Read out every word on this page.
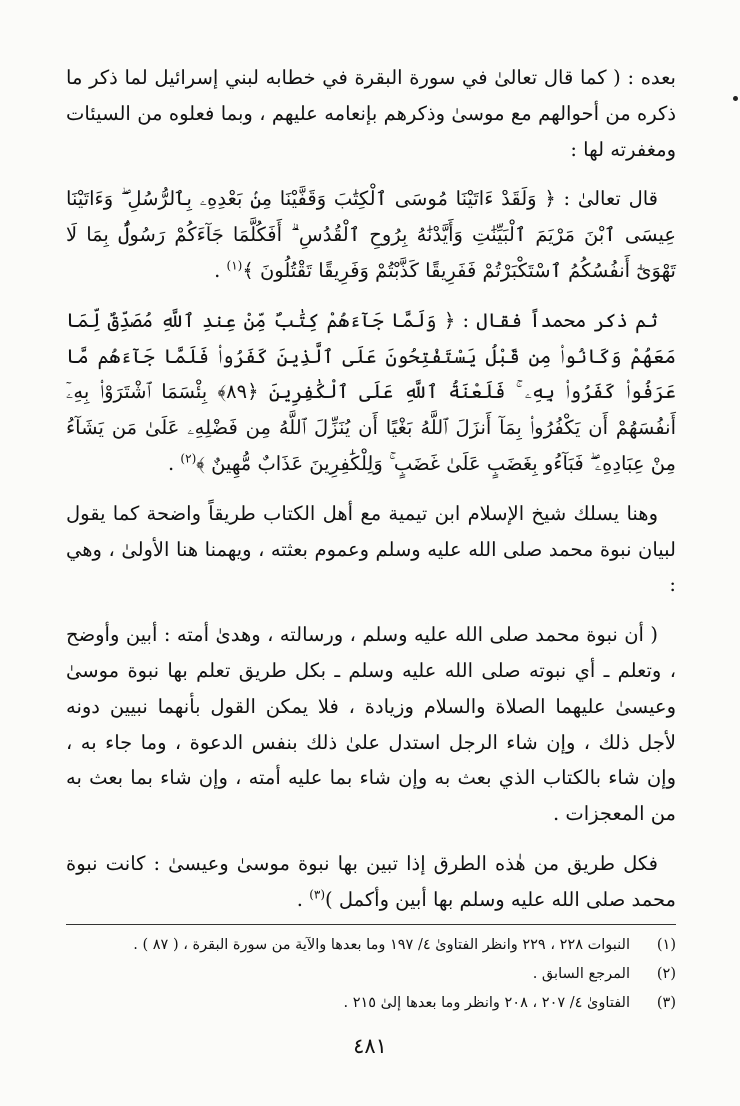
بعده : ( كما قال تعالىٰ في سورة البقرة في خطابه لبني إسرائيل لما ذكر ما ذكره من أحوالهم مع موسىٰ وذكرهم بإنعامه عليهم ، وبما فعلوه من السيئات ومغفرته لها :

قال تعالىٰ : ﴿ وَلَقَدْ ءَاتَيْنَا مُوسَى ٱلْكِتَٰبَ وَقَفَّيْنَا مِنۢ بَعْدِهِۦ بِٱلرُّسُلِ ۖ وَءَاتَيْنَا عِيسَى ٱبْنَ مَرْيَمَ ٱلْبَيِّنَٰتِ وَأَيَّدْنَٰهُ بِرُوحِ ٱلْقُدُسِ ۗ أَفَكُلَّمَا جَآءَكُمْ رَسُولٌۢ بِمَا لَا تَهْوَىٰٓ أَنفُسُكُمُ ٱسْتَكْبَرْتُمْ فَفَرِيقًا كَذَّبْتُمْ وَفَرِيقًا تَقْتُلُونَ ﴾$^{(١)}$ .

ثم ذكر محمداً فقال : ﴿ وَلَمَّا جَآءَهُمْ كِتَٰبٌ مِّنْ عِندِ ٱللَّهِ مُصَدِّقٌ لِّمَا مَعَهُمْ وَكَانُوا۟ مِن قَبْلُ يَسْتَفْتِحُونَ عَلَى ٱلَّذِينَ كَفَرُوا۟ فَلَمَّا جَآءَهُم مَّا عَرَفُوا۟ كَفَرُوا۟ بِهِۦ ۚ فَلَعْنَةُ ٱللَّهِ عَلَى ٱلْكَٰفِرِينَ ﴿٨٩﴾ بِئْسَمَا ٱشْتَرَوْا۟ بِهِۦٓ أَنفُسَهُمْ أَن يَكْفُرُوا۟ بِمَآ أَنزَلَ ٱللَّهُ بَغْيًا أَن يُنَزِّلَ ٱللَّهُ مِن فَضْلِهِۦ عَلَىٰ مَن يَشَآءُ مِنْ عِبَادِهِۦ ۖ فَبَآءُو بِغَضَبٍ عَلَىٰ غَضَبٍ ۚ وَلِلْكَٰفِرِينَ عَذَابٌ مُّهِينٌ ﴾$^{(٢)}$ .

وهنا يسلك شيخ الإسلام ابن تيمية مع أهل الكتاب طريقاً واضحة كما يقول لبيان نبوة محمد صلى الله عليه وسلم وعموم بعثته ، ويهمنا هنا الأولىٰ ، وهي :

( أن نبوة محمد صلى الله عليه وسلم ، ورسالته ، وهدىٰ أمته : أبين وأوضح ، وتعلم ـ أي نبوته صلى الله عليه وسلم ـ بكل طريق تعلم بها نبوة موسىٰ وعيسىٰ عليهما الصلاة والسلام وزيادة ، فلا يمكن القول بأنهما نبيين دونه لأجل ذلك ، وإن شاء الرجل استدل علىٰ ذلك بنفس الدعوة ، وما جاء به ، وإن شاء بالكتاب الذي بعث به وإن شاء بما عليه أمته ، وإن شاء بما بعث به من المعجزات .

فكل طريق من هٰذه الطرق إذا تبين بها نبوة موسىٰ وعيسىٰ : كانت نبوة محمد صلى الله عليه وسلم بها أبين وأكمل )$^{(٣)}$ .

(١)
النبوات ٢٢٨ ، ٢٢٩ وانظر الفتاوىٰ ٤/ ١٩٧ وما بعدها والآية من سورة البقرة ، ( ٨٧ ) .
(٢)
المرجع السابق .
(٣)
الفتاوىٰ ٤/ ٢٠٧ ، ٢٠٨ وانظر وما بعدها إلىٰ ٢١٥ .
٤٨١
